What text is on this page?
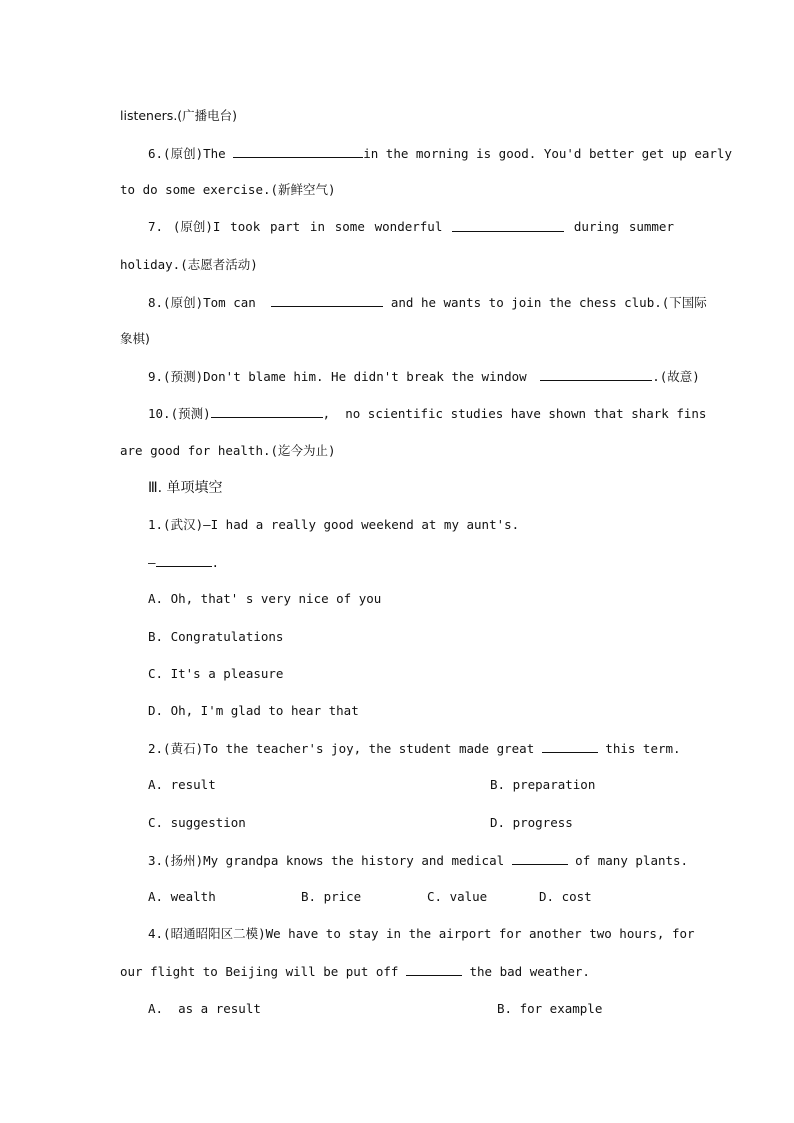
listeners.(广播电台)
6.(原创)The	in the morning is good. You'd better get up early
to do some exercise.(新鲜空气)
7. (原创)I took part in some wonderful	during summer
holiday.(志愿者活动)
8.(原创)Tom can	and he wants to join the chess club.(下国际
象棋)
9.(预测)Don't blame him. He didn't break the window	.(故意)
10.(预测)	,  no scientific studies have shown that shark fins
are good for health.(迄今为止)
Ⅲ. 单项填空
1.(武汉)—I had a really good weekend at my aunt's.
—	.
A. Oh, that' s very nice of you
B. Congratulations
C. It's a pleasure
D. Oh, I'm glad to hear that
2.(黄石)To the teacher's joy, the student made great	this term.
A. result	B. preparation
C. suggestion	D. progress
3.(扬州)My grandpa knows the history and medical	of many plants.
A. wealth	B. price	C. value	D. cost
4.(昭通昭阳区二模)We have to stay in the airport for another two hours, for
our flight to Beijing will be put off	the bad weather.
A.  as a result	B. for example
